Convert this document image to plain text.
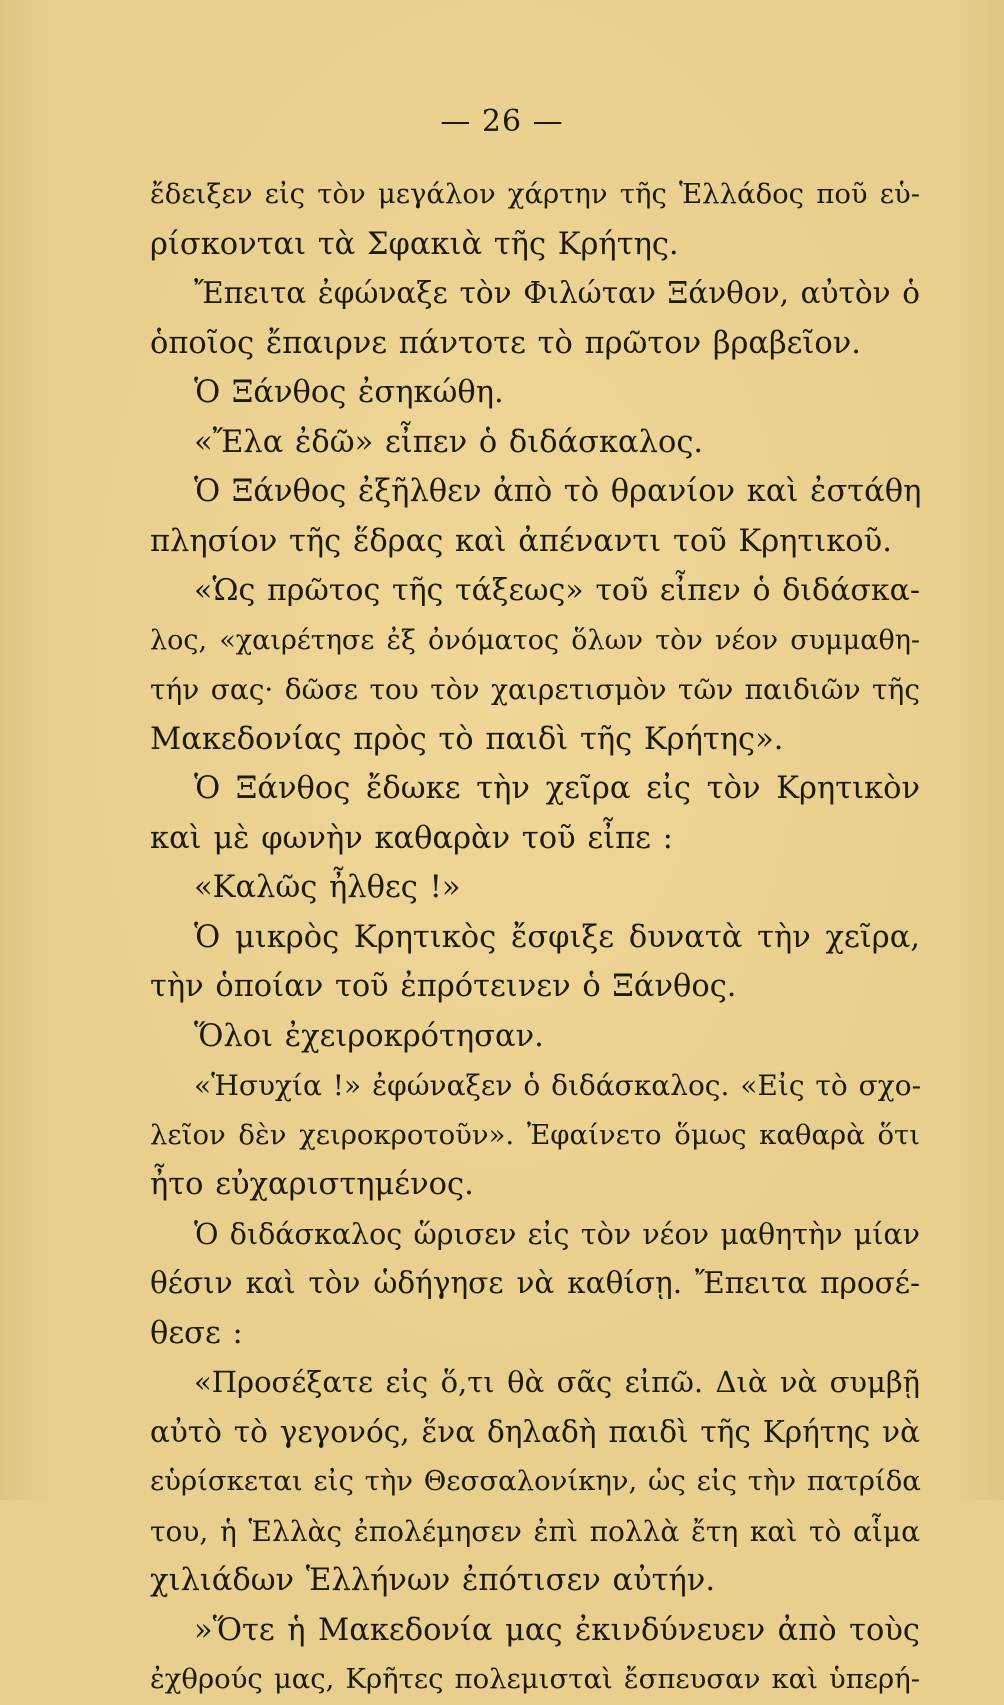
— 26 —
ἔδειξεν εἰς τὸν μεγάλον χάρτην τῆς Ἑλλάδος ποῦ εὑ-
ρίσκονται τὰ Σφακιὰ τῆς Κρήτης.
Ἔπειτα ἐφώναξε τὸν Φιλώταν Ξάνθον, αὐτὸν ὁ
ὁποῖος ἔπαιρνε πάντοτε τὸ πρῶτον βραβεῖον.
Ὁ Ξάνθος ἐσηκώθη.
«Ἔλα ἐδῶ» εἶπεν ὁ διδάσκαλος.
Ὁ Ξάνθος ἐξῆλθεν ἀπὸ τὸ θρανίον καὶ ἐστάθη
πλησίον τῆς ἕδρας καὶ ἀπέναντι τοῦ Κρητικοῦ.
«Ὡς πρῶτος τῆς τάξεως» τοῦ εἶπεν ὁ διδάσκα-
λος, «χαιρέτησε ἐξ ὀνόματος ὅλων τὸν νέον συμμαθη-
τήν σας· δῶσε του τὸν χαιρετισμὸν τῶν παιδιῶν τῆς
Μακεδονίας πρὸς τὸ παιδὶ τῆς Κρήτης».
Ὁ Ξάνθος ἔδωκε τὴν χεῖρα εἰς τὸν Κρητικὸν
καὶ μὲ φωνὴν καθαρὰν τοῦ εἶπε :
«Καλῶς ἦλθες !»
Ὁ μικρὸς Κρητικὸς ἔσφιξε δυνατὰ τὴν χεῖρα,
τὴν ὁποίαν τοῦ ἐπρότεινεν ὁ Ξάνθος.
Ὅλοι ἐχειροκρότησαν.
«Ἡσυχία !» ἐφώναξεν ὁ διδάσκαλος. «Εἰς τὸ σχο-
λεῖον δὲν χειροκροτοῦν». Ἐφαίνετο ὅμως καθαρὰ ὅτι
ἦτο εὐχαριστημένος.
Ὁ διδάσκαλος ὥρισεν εἰς τὸν νέον μαθητὴν μίαν
θέσιν καὶ τὸν ὡδήγησε νὰ καθίσῃ. Ἔπειτα προσέ-
θεσε :
«Προσέξατε εἰς ὅ,τι θὰ σᾶς εἰπῶ. Διὰ νὰ συμβῇ
αὐτὸ τὸ γεγονός, ἕνα δηλαδὴ παιδὶ τῆς Κρήτης νὰ
εὑρίσκεται εἰς τὴν Θεσσαλονίκην, ὡς εἰς τὴν πατρίδα
του, ἡ Ἑλλὰς ἐπολέμησεν ἐπὶ πολλὰ ἔτη καὶ τὸ αἷμα
χιλιάδων Ἑλλήνων ἐπότισεν αὐτήν.
»Ὅτε ἡ Μακεδονία μας ἐκινδύνευεν ἀπὸ τοὺς
ἐχθρούς μας, Κρῆτες πολεμισταὶ ἔσπευσαν καὶ ὑπερή-
